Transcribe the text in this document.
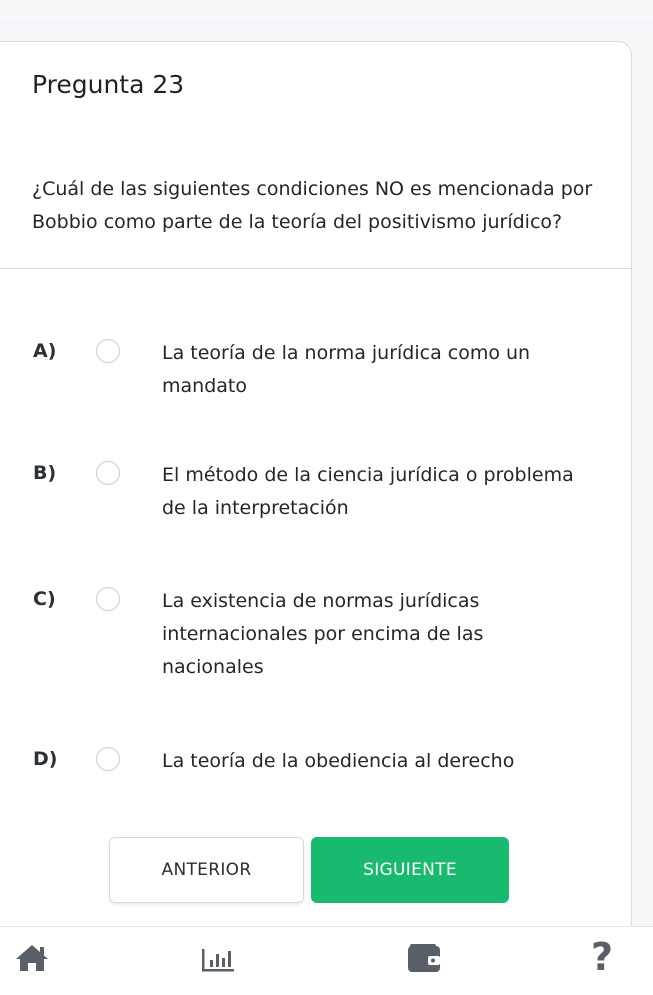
Pregunta 23
¿Cuál de las siguientes condiciones NO es mencionada por Bobbio como parte de la teoría del positivismo jurídico?
A)	La teoría de la norma jurídica como un mandato
B)	El método de la ciencia jurídica o problema de la interpretación
C)	La existencia de normas jurídicas internacionales por encima de las nacionales
D)	La teoría de la obediencia al derecho
ANTERIOR	SIGUIENTE
?
